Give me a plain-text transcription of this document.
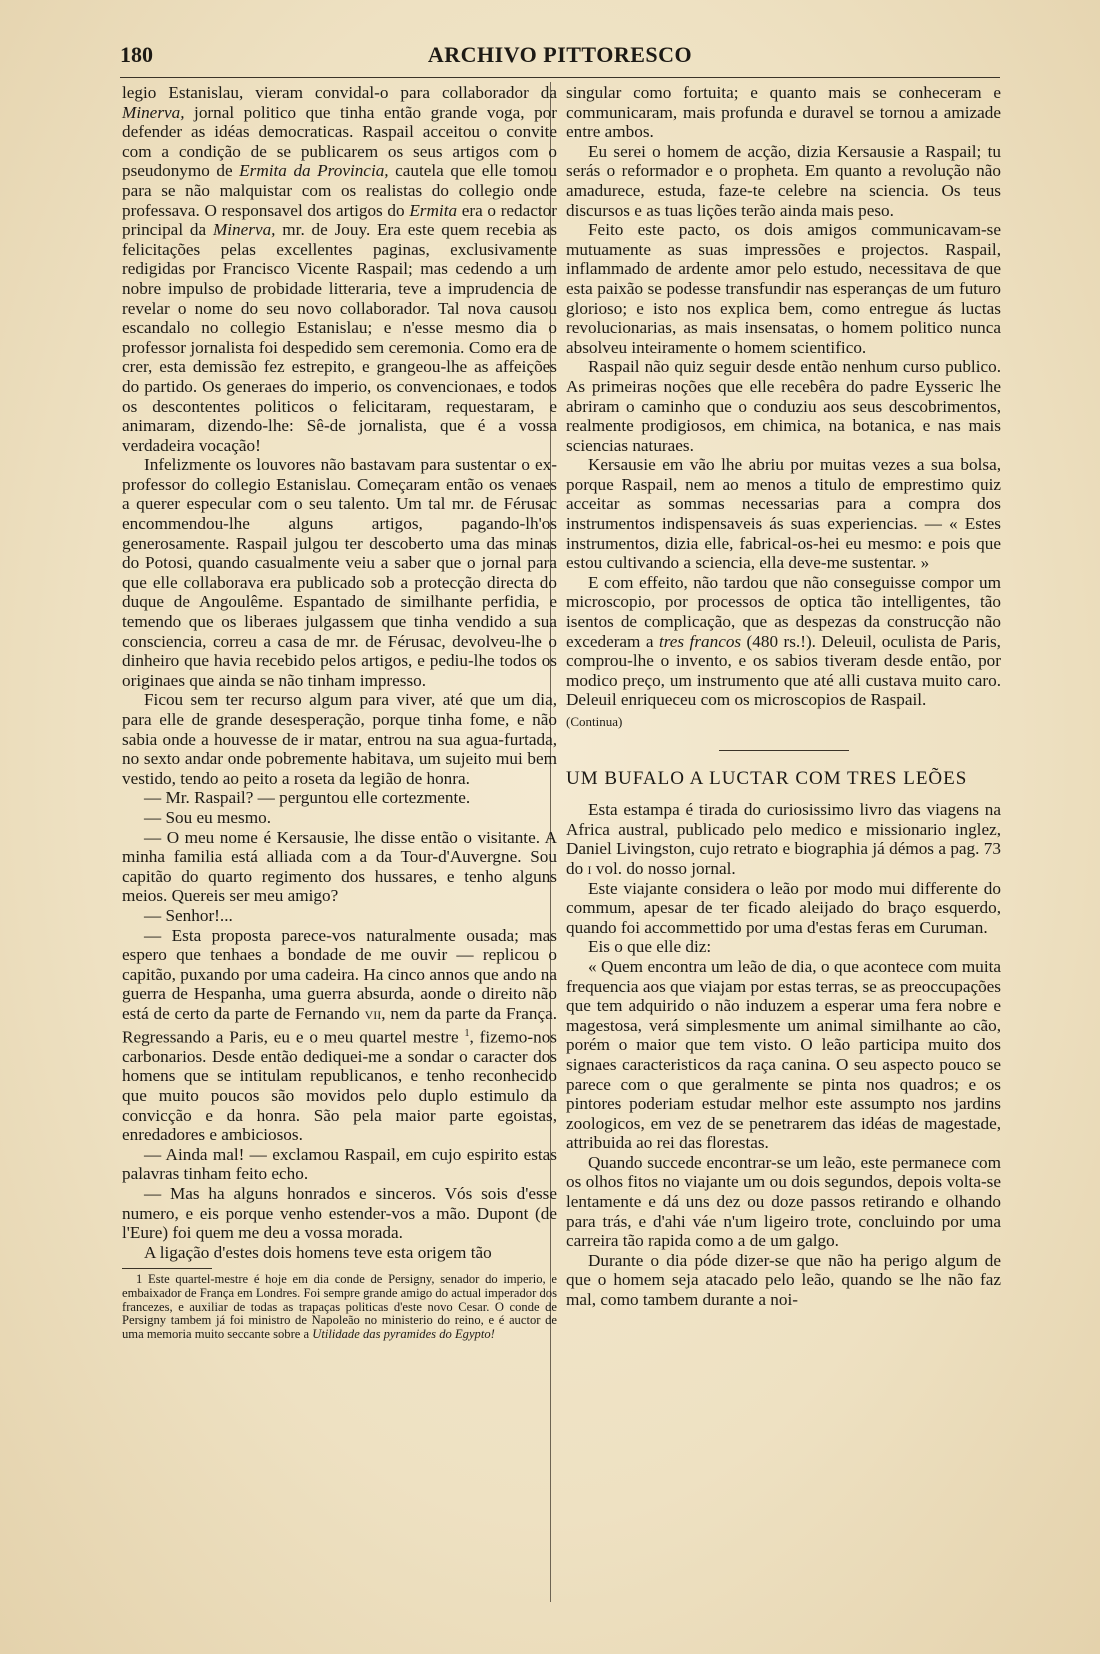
180	ARCHIVO PITTORESCO

legio Estanislau, vieram convidal-o para collaborador da Minerva, jornal politico que tinha então grande voga, por defender as idéas democraticas. Raspail acceitou o convite com a condição de se publicarem os seus artigos com o pseudonymo de Ermita da Provincia, cautela que elle tomou para se não malquistar com os realistas do collegio onde professava. O responsavel dos artigos do Ermita era o redactor principal da Minerva, mr. de Jouy. Era este quem recebia as felicitações pelas excellentes paginas, exclusivamente redigidas por Francisco Vicente Raspail; mas cedendo a um nobre impulso de probidade litteraria, teve a imprudencia de revelar o nome do seu novo collaborador. Tal nova causou escandalo no collegio Estanislau; e n'esse mesmo dia o professor jornalista foi despedido sem ceremonia. Como era de crer, esta demissão fez estrepito, e grangeou-lhe as affeições do partido. Os generaes do imperio, os convencionaes, e todos os descontentes politicos o felicitaram, requestaram, e animaram, dizendo-lhe: Sê-de jornalista, que é a vossa verdadeira vocação!

Infelizmente os louvores não bastavam para sustentar o ex-professor do collegio Estanislau. Começaram então os venaes a querer especular com o seu talento. Um tal mr. de Férusac encommendou-lhe alguns artigos, pagando-lh'os generosamente. Raspail julgou ter descoberto uma das minas do Potosi, quando casualmente veiu a saber que o jornal para que elle collaborava era publicado sob a protecção directa do duque de Angoulême. Espantado de similhante perfidia, e temendo que os liberaes julgassem que tinha vendido a sua consciencia, correu a casa de mr. de Férusac, devolveu-lhe o dinheiro que havia recebido pelos artigos, e pediu-lhe todos os originaes que ainda se não tinham impresso.

Ficou sem ter recurso algum para viver, até que um dia, para elle de grande desesperação, porque tinha fome, e não sabia onde a houvesse de ir matar, entrou na sua agua-furtada, no sexto andar onde pobremente habitava, um sujeito mui bem vestido, tendo ao peito a roseta da legião de honra.

— Mr. Raspail? — perguntou elle cortezmente.

— Sou eu mesmo.

— O meu nome é Kersausie, lhe disse então o visitante. A minha familia está alliada com a da Tour-d'Auvergne. Sou capitão do quarto regimento dos hussares, e tenho alguns meios. Quereis ser meu amigo?

— Senhor!...

— Esta proposta parece-vos naturalmente ousada; mas espero que tenhaes a bondade de me ouvir — replicou o capitão, puxando por uma cadeira. Ha cinco annos que ando na guerra de Hespanha, uma guerra absurda, aonde o direito não está de certo da parte de Fernando vii, nem da parte da França. Regressando a Paris, eu e o meu quartel mestre $^1$, fizemo-nos carbonarios. Desde então dediquei-me a sondar o caracter dos homens que se intitulam republicanos, e tenho reconhecido que muito poucos são movidos pelo duplo estimulo da convicção e da honra. São pela maior parte egoistas, enredadores e ambiciosos.

— Ainda mal! — exclamou Raspail, em cujo espirito estas palavras tinham feito echo.

— Mas ha alguns honrados e sinceros. Vós sois d'esse numero, e eis porque venho estender-vos a mão. Dupont (de l'Eure) foi quem me deu a vossa morada.

A ligação d'estes dois homens teve esta origem tão

1 Este quartel-mestre é hoje em dia conde de Persigny, senador do imperio, e embaixador de França em Londres. Foi sempre grande amigo do actual imperador dos francezes, e auxiliar de todas as trapaças politicas d'este novo Cesar. O conde de Persigny tambem já foi ministro de Napoleão no ministerio do reino, e é auctor de uma memoria muito seccante sobre a Utilidade das pyramides do Egypto!

singular como fortuita; e quanto mais se conheceram e communicaram, mais profunda e duravel se tornou a amizade entre ambos.

Eu serei o homem de acção, dizia Kersausie a Raspail; tu serás o reformador e o propheta. Em quanto a revolução não amadurece, estuda, faze-te celebre na sciencia. Os teus discursos e as tuas lições terão ainda mais peso.

Feito este pacto, os dois amigos communicavam-se mutuamente as suas impressões e projectos. Raspail, inflammado de ardente amor pelo estudo, necessitava de que esta paixão se podesse transfundir nas esperanças de um futuro glorioso; e isto nos explica bem, como entregue ás luctas revolucionarias, as mais insensatas, o homem politico nunca absolveu inteiramente o homem scientifico.

Raspail não quiz seguir desde então nenhum curso publico. As primeiras noções que elle recebêra do padre Eysseric lhe abriram o caminho que o conduziu aos seus descobrimentos, realmente prodigiosos, em chimica, na botanica, e nas mais sciencias naturaes.

Kersausie em vão lhe abriu por muitas vezes a sua bolsa, porque Raspail, nem ao menos a titulo de emprestimo quiz acceitar as sommas necessarias para a compra dos instrumentos indispensaveis ás suas experiencias. — « Estes instrumentos, dizia elle, fabrical-os-hei eu mesmo: e pois que estou cultivando a sciencia, ella deve-me sustentar. »

E com effeito, não tardou que não conseguisse compor um microscopio, por processos de optica tão intelligentes, tão isentos de complicação, que as despezas da construcção não excederam a tres francos (480 rs.!). Deleuil, oculista de Paris, comprou-lhe o invento, e os sabios tiveram desde então, por modico preço, um instrumento que até alli custava muito caro. Deleuil enriqueceu com os microscopios de Raspail.

(Continua)

UM BUFALO A LUCTAR COM TRES LEÕES

Esta estampa é tirada do curiosissimo livro das viagens na Africa austral, publicado pelo medico e missionario inglez, Daniel Livingston, cujo retrato e biographia já démos a pag. 73 do i vol. do nosso jornal.

Este viajante considera o leão por modo mui differente do commum, apesar de ter ficado aleijado do braço esquerdo, quando foi accommettido por uma d'estas feras em Curuman.

Eis o que elle diz:

« Quem encontra um leão de dia, o que acontece com muita frequencia aos que viajam por estas terras, se as preoccupações que tem adquirido o não induzem a esperar uma fera nobre e magestosa, verá simplesmente um animal similhante ao cão, porém o maior que tem visto. O leão participa muito dos signaes caracteristicos da raça canina. O seu aspecto pouco se parece com o que geralmente se pinta nos quadros; e os pintores poderiam estudar melhor este assumpto nos jardins zoologicos, em vez de se penetrarem das idéas de magestade, attribuida ao rei das florestas.

Quando succede encontrar-se um leão, este permanece com os olhos fitos no viajante um ou dois segundos, depois volta-se lentamente e dá uns dez ou doze passos retirando e olhando para trás, e d'ahi váe n'um ligeiro trote, concluindo por uma carreira tão rapida como a de um galgo.

Durante o dia póde dizer-se que não ha perigo algum de que o homem seja atacado pelo leão, quando se lhe não faz mal, como tambem durante a noi-
